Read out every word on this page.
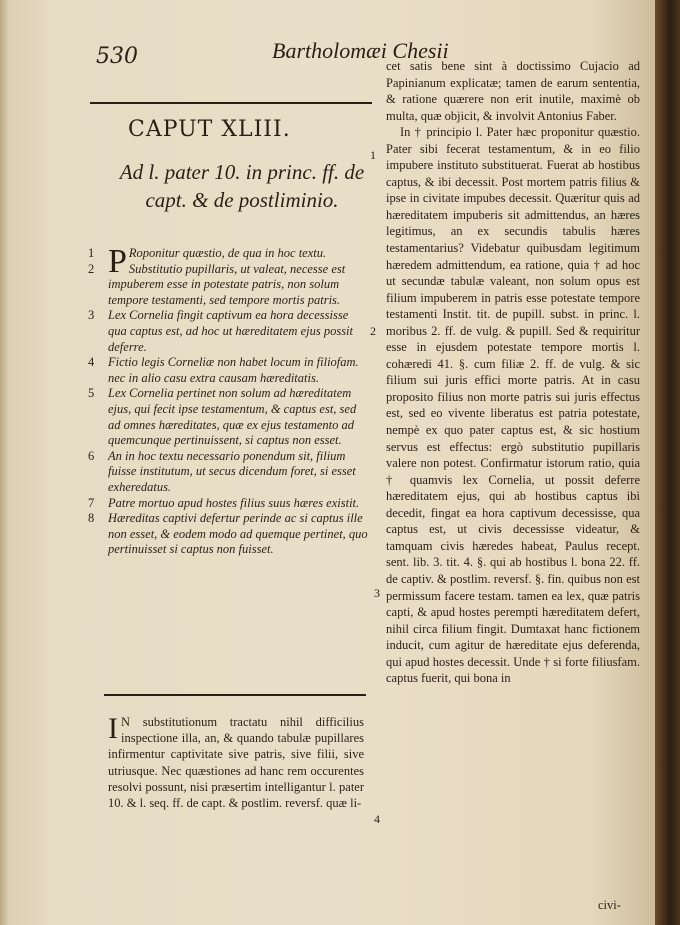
530	Bartholomæi Chesii
CAPUT XLIII.
Ad l. pater 10. in princ. ff. de capt. & de postliminio.

1 P Roponitur quæstio, de qua in hoc textu.

2	Substitutio pupillaris, ut valeat, necesse est impuberem esse in potestate patris, non solum tempore testamenti, sed tempore mortis patris.

3 Lex Cornelia fingit captivum ea hora decessisse qua captus est, ad hoc ut hæreditatem ejus possit deferre.

4 Fictio legis Corneliæ non habet locum in filiofam. nec in alio casu extra causam hæreditatis.

5 Lex Cornelia pertinet non solum ad hæreditatem ejus, qui fecit ipse testamentum, & captus est, sed ad omnes hæreditates, quæ ex ejus testamento ad quemcunque pertinuissent, si captus non esset.

6 An in hoc textu necessario ponendum sit, filium fuisse institutum, ut secus dicendum foret, si esset exheredatus.

7 Patre mortuo apud hostes filius suus hæres existit.

8 Hæreditas captivi defertur perinde ac si captus ille non esset, & eodem modo ad quemque pertinet, quo pertinuisset si captus non fuisset.

I N substitutionum tractatu nihil difficilius inspectione illa, an, & quando tabulæ pupillares infirmentur captivitate sive patris, sive filii, sive utriusque. Nec quæstiones ad hanc rem occurentes resolvi possunt, nisi præsertim intelligantur l. pater 10. & l. seq. ff. de capt. & postlim. reversf. quæ li-

cet satis bene sint à doctissimo Cujacio ad Papinianum explicatæ; tamen de earum sententia, & ratione quærere non erit inutile, maximè ob multa, quæ objicit, & involvit Antonius Faber.

In † principio l. Pater hæc proponitur quæstio. Pater sibi fecerat testamentum, & in eo filio impubere instituto substituerat. Fuerat ab hostibus captus, & ibi decessit. Post mortem patris filius & ipse in civitate impubes decessit. Quæritur quis ad hæreditatem impuberis sit admittendus, an hæres legitimus, an ex secundis tabulis hæres testamentarius? Videbatur quibusdam legitimum hæredem admittendum, ea ratione, quia † ad hoc ut secundæ tabulæ valeant, non solum opus est filium impuberem in patris esse potestate tempore testamenti Instit. tit. de pupill. subst. in princ. l. moribus 2. ff. de vulg. & pupill. Sed & requiritur esse in ejusdem potestate tempore mortis l. cohæredi 41. §. cum filiæ 2. ff. de vulg. & sic filium sui juris effici morte patris. At in casu proposito filius non morte patris sui juris effectus est, sed eo vivente liberatus est patria potestate, nempè ex quo pater captus est, & sic hostium servus est effectus: ergò substitutio pupillaris valere non potest. Confirmatur istorum ratio, quia † quamvis lex Cornelia, ut possit deferre hæreditatem ejus, qui ab hostibus captus ibi decedit, fingat ea hora captivum decessisse, qua captus est, ut civis decessisse videatur, & tamquam civis hæredes habeat, Paulus recept. sent. lib. 3. tit. 4. §. qui ab hostibus l. bona 22. ff. de captiv. & postlim. reversf. §. fin. quibus non est permissum facere testam. tamen ea lex, quæ patris capti, & apud hostes perempti hæreditatem defert, nihil circa filium fingit. Dumtaxat hanc fictionem inducit, cum agitur de hæreditate ejus deferenda, qui apud hostes decessit. Unde † si forte filiusfam. captus fuerit, qui bona in

1
2
3
4
civi-
